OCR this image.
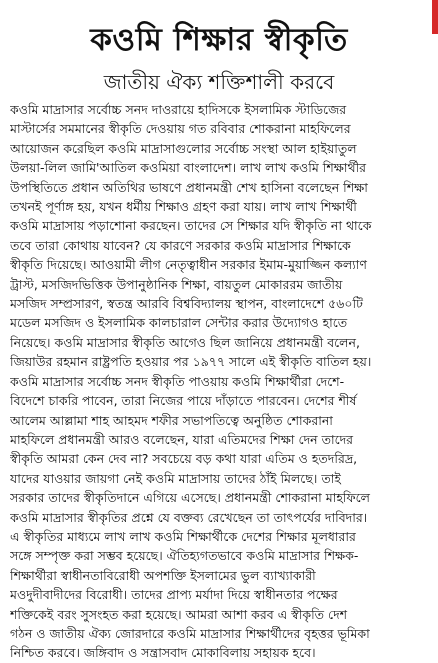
কওমি শিক্ষার স্বীকৃতি
জাতীয় ঐক্য শক্তিশালী করবে
কওমি মাদ্রাসার সর্বোচ্চ সনদ দাওরায়ে হাদিসকে ইসলামিক স্টাডিজের
মাস্টার্সের সমমানের স্বীকৃতি দেওয়ায় গত রবিবার শোকরানা মাহফিলের
আয়োজন করেছিল কওমি মাদ্রাসাগুলোর সর্বোচ্চ সংস্থা আল হাইয়াতুল
উলয়া-লিল জামি'আতিল কওমিয়া বাংলাদেশ। লাখ লাখ কওমি শিক্ষার্থীর
উপস্থিতিতে প্রধান অতিথির ভাষণে প্রধানমন্ত্রী শেখ হাসিনা বলেছেন শিক্ষা
তখনই পূর্ণাঙ্গ হয়, যখন ধর্মীয় শিক্ষাও গ্রহণ করা যায়। লাখ লাখ শিক্ষার্থী
কওমি মাদ্রাসায় পড়াশোনা করছেন। তাদের সে শিক্ষার যদি স্বীকৃতি না থাকে
তবে তারা কোথায় যাবেন? যে কারণে সরকার কওমি মাদ্রাসার শিক্ষাকে
স্বীকৃতি দিয়েছে। আওয়ামী লীগ নেতৃত্বাধীন সরকার ইমাম-মুয়াজ্জিন কল্যাণ
ট্রাস্ট, মসজিদভিত্তিক উপানুষ্ঠানিক শিক্ষা, বায়তুল মোকাররম জাতীয়
মসজিদ সম্প্রসারণ, স্বতন্ত্র আরবি বিশ্ববিদ্যালয় স্থাপন, বাংলাদেশে ৫৬০টি
মডেল মসজিদ ও ইসলামিক কালচারাল সেন্টার করার উদ্যোগও হাতে
নিয়েছে। কওমি মাদ্রাসার স্বীকৃতি আগেও ছিল জানিয়ে প্রধানমন্ত্রী বলেন,
জিয়াউর রহমান রাষ্ট্রপতি হওয়ার পর ১৯৭৭ সালে এই স্বীকৃতি বাতিল হয়।
কওমি মাদ্রাসার সর্বোচ্চ সনদ স্বীকৃতি পাওয়ায় কওমি শিক্ষার্থীরা দেশে-
বিদেশে চাকরি পাবেন, তারা নিজের পায়ে দাঁড়াতে পারবেন। দেশের শীর্ষ
আলেম আল্লামা শাহ আহমদ শফীর সভাপতিত্বে অনুষ্ঠিত শোকরানা
মাহফিলে প্রধানমন্ত্রী আরও বলেছেন, যারা এতিমদের শিক্ষা দেন তাদের
স্বীকৃতি আমরা কেন দেব না? সবচেয়ে বড় কথা যারা এতিম ও হতদরিদ্র,
যাদের যাওয়ার জায়গা নেই কওমি মাদ্রাসায় তাদের ঠাঁই মিলছে। তাই
সরকার তাদের স্বীকৃতিদানে এগিয়ে এসেছে। প্রধানমন্ত্রী শোকরানা মাহফিলে
কওমি মাদ্রাসার স্বীকৃতির প্রশ্নে যে বক্তব্য রেখেছেন তা তাৎপর্যের দাবিদার।
এ স্বীকৃতির মাধ্যমে লাখ লাখ কওমি শিক্ষার্থীকে দেশের শিক্ষার মূলধারার
সঙ্গে সম্পৃক্ত করা সম্ভব হয়েছে। ঐতিহ্যগতভাবে কওমি মাদ্রাসার শিক্ষক-
শিক্ষার্থীরা স্বাধীনতাবিরোধী অপশক্তি ইসলামের ভুল ব্যাখ্যাকারী
মওদুদীবাদীদের বিরোধী। তাদের প্রাপ্য মর্যাদা দিয়ে স্বাধীনতার পক্ষের
শক্তিকেই বরং সুসংহত করা হয়েছে। আমরা আশা করব এ স্বীকৃতি দেশ
গঠন ও জাতীয় ঐক্য জোরদারে কওমি মাদ্রাসার শিক্ষার্থীদের বৃহত্তর ভূমিকা
নিশ্চিত করবে। জঙ্গিবাদ ও সন্ত্রাসবাদ মোকাবিলায় সহায়ক হবে।
